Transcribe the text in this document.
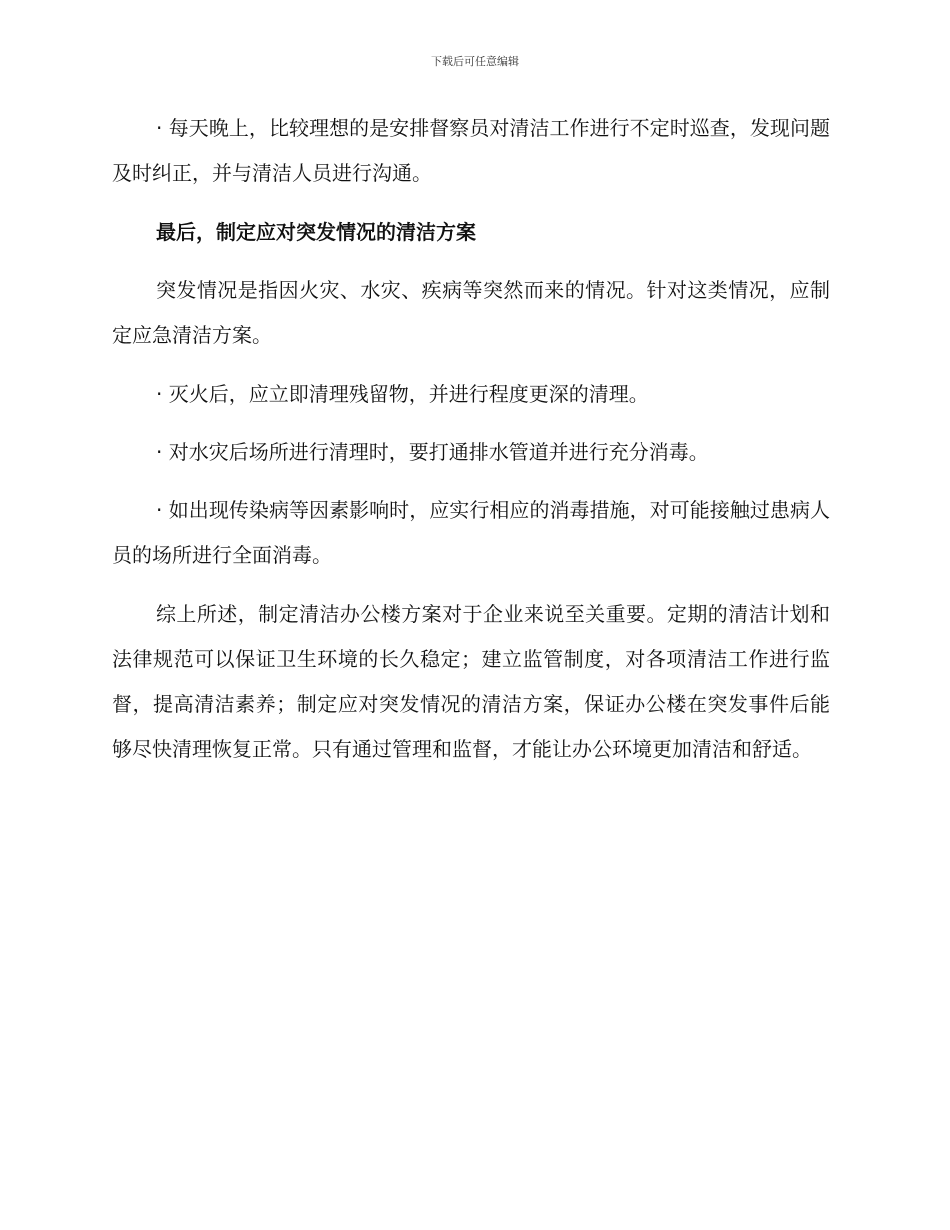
下载后可任意编辑

· 每天晚上，比较理想的是安排督察员对清洁工作进行不定时巡查，发现问题及时纠正，并与清洁人员进行沟通。

最后，制定应对突发情况的清洁方案

突发情况是指因火灾、水灾、疾病等突然而来的情况。针对这类情况，应制定应急清洁方案。

· 灭火后，应立即清理残留物，并进行程度更深的清理。

· 对水灾后场所进行清理时，要打通排水管道并进行充分消毒。

· 如出现传染病等因素影响时，应实行相应的消毒措施，对可能接触过患病人员的场所进行全面消毒。

综上所述，制定清洁办公楼方案对于企业来说至关重要。定期的清洁计划和法律规范可以保证卫生环境的长久稳定；建立监管制度，对各项清洁工作进行监督，提高清洁素养；制定应对突发情况的清洁方案，保证办公楼在突发事件后能够尽快清理恢复正常。只有通过管理和监督，才能让办公环境更加清洁和舒适。
